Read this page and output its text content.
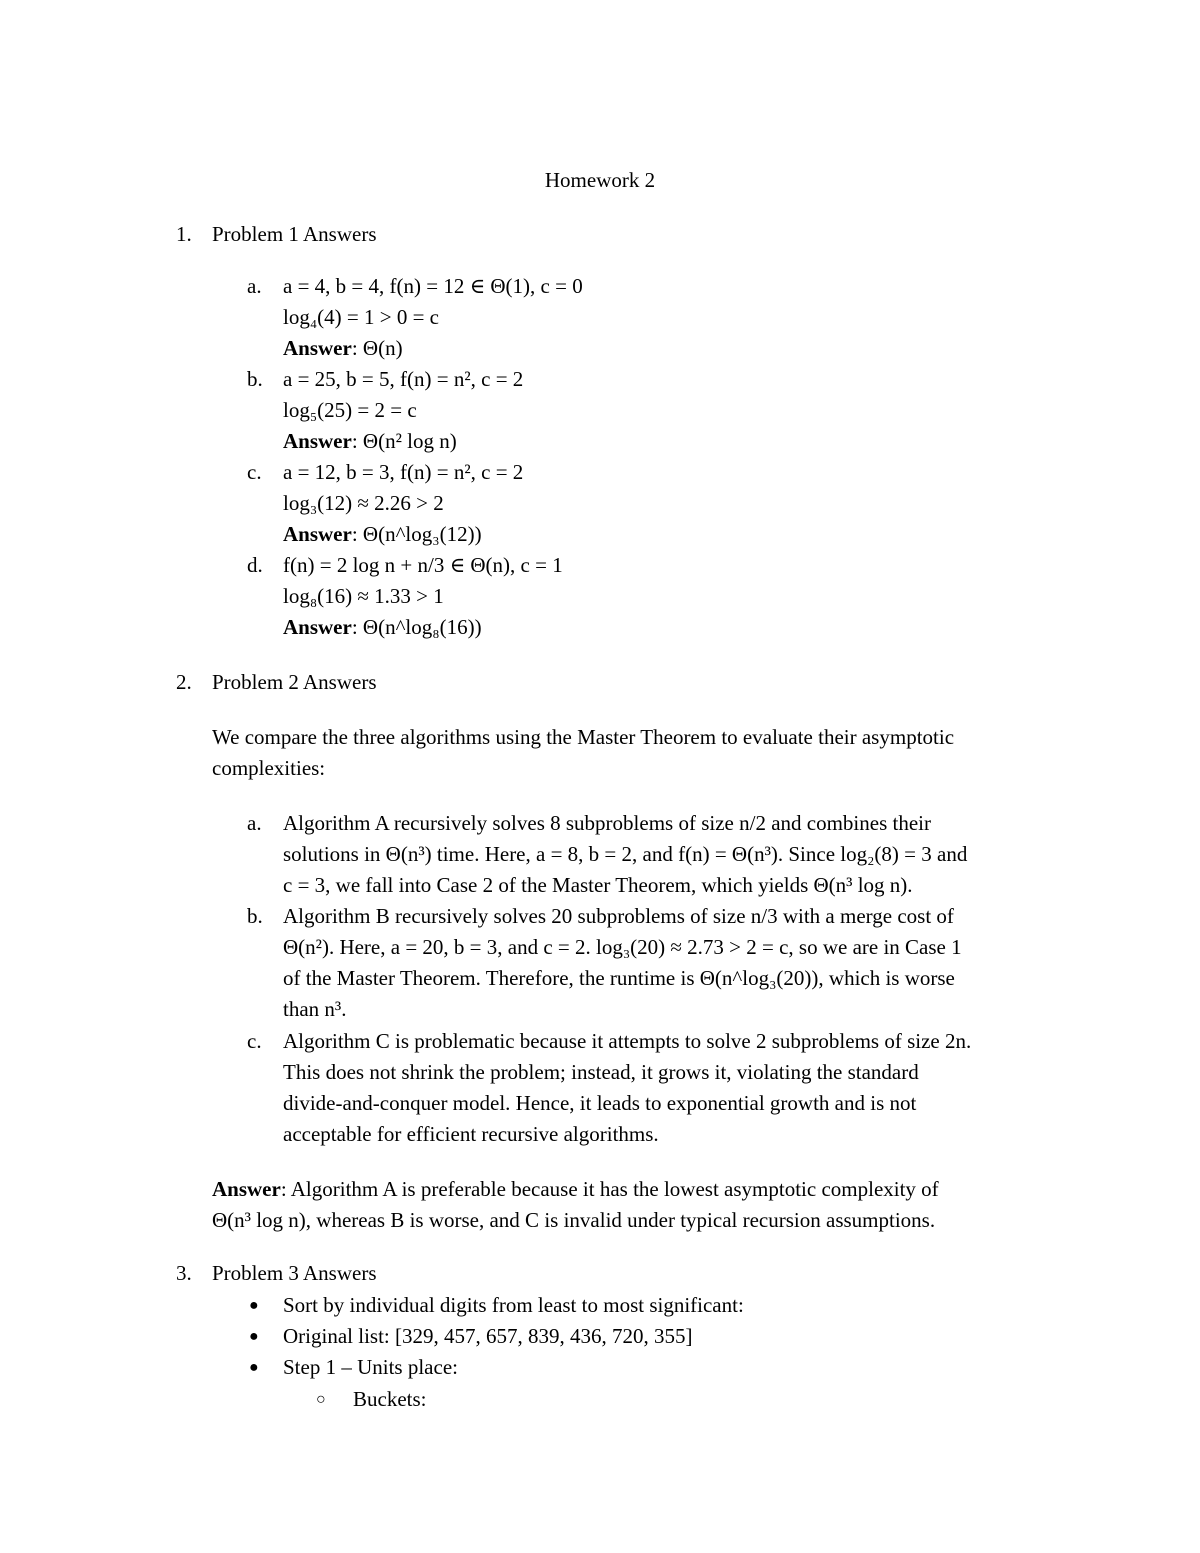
Homework 2
1. Problem 1 Answers
a. a = 4, b = 4, f(n) = 12 ∈ Θ(1), c = 0
log₄(4) = 1 > 0 = c
Answer: Θ(n)
b. a = 25, b = 5, f(n) = n², c = 2
log₅(25) = 2 = c
Answer: Θ(n² log n)
c. a = 12, b = 3, f(n) = n², c = 2
log₃(12) ≈ 2.26 > 2
Answer: Θ(n^log₃(12))
d. f(n) = 2 log n + n/3 ∈ Θ(n), c = 1
log₈(16) ≈ 1.33 > 1
Answer: Θ(n^log₈(16))
2. Problem 2 Answers
We compare the three algorithms using the Master Theorem to evaluate their asymptotic
complexities:
a. Algorithm A recursively solves 8 subproblems of size n/2 and combines their
solutions in Θ(n³) time. Here, a = 8, b = 2, and f(n) = Θ(n³). Since log₂(8) = 3 and
c = 3, we fall into Case 2 of the Master Theorem, which yields Θ(n³ log n).
b. Algorithm B recursively solves 20 subproblems of size n/3 with a merge cost of
Θ(n²). Here, a = 20, b = 3, and c = 2. log₃(20) ≈ 2.73 > 2 = c, so we are in Case 1
of the Master Theorem. Therefore, the runtime is Θ(n^log₃(20)), which is worse
than n³.
c. Algorithm C is problematic because it attempts to solve 2 subproblems of size 2n.
This does not shrink the problem; instead, it grows it, violating the standard
divide-and-conquer model. Hence, it leads to exponential growth and is not
acceptable for efficient recursive algorithms.
Answer: Algorithm A is preferable because it has the lowest asymptotic complexity of
Θ(n³ log n), whereas B is worse, and C is invalid under typical recursion assumptions.
3. Problem 3 Answers
● Sort by individual digits from least to most significant:
● Original list: [329, 457, 657, 839, 436, 720, 355]
● Step 1 – Units place:
○ Buckets:
